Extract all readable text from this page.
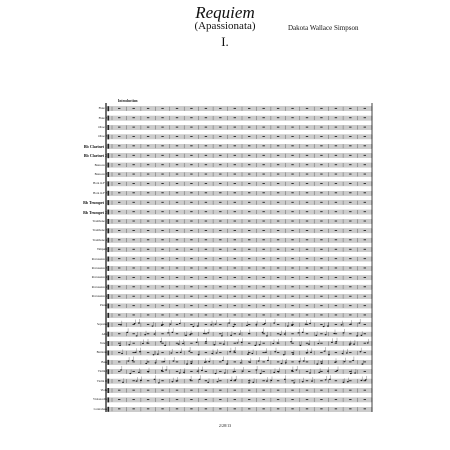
Requiem
(Apassionata)
I.
Dakota Wallace Simpson
Flute 1
Flute 2
Oboe 1
Oboe 2
Bb Clarinet 1
Bb Clarinet 2
Bassoon 1
Bassoon 2
Horn in F 1
Horn in F 2
Bb Trumpet 1
Bb Trumpet 2
Trombone 1
Trombone 2
Trombone 3
Timpani
Percussion 1
Percussion 2
Percussion 3
Percussion 4
Percussion 5
Piano
Soprano
Alto
Tenor
Baritone
Bass
Violin I
Violin II
Viola
Violoncello
Contrabass
Introduction
2/28/13
